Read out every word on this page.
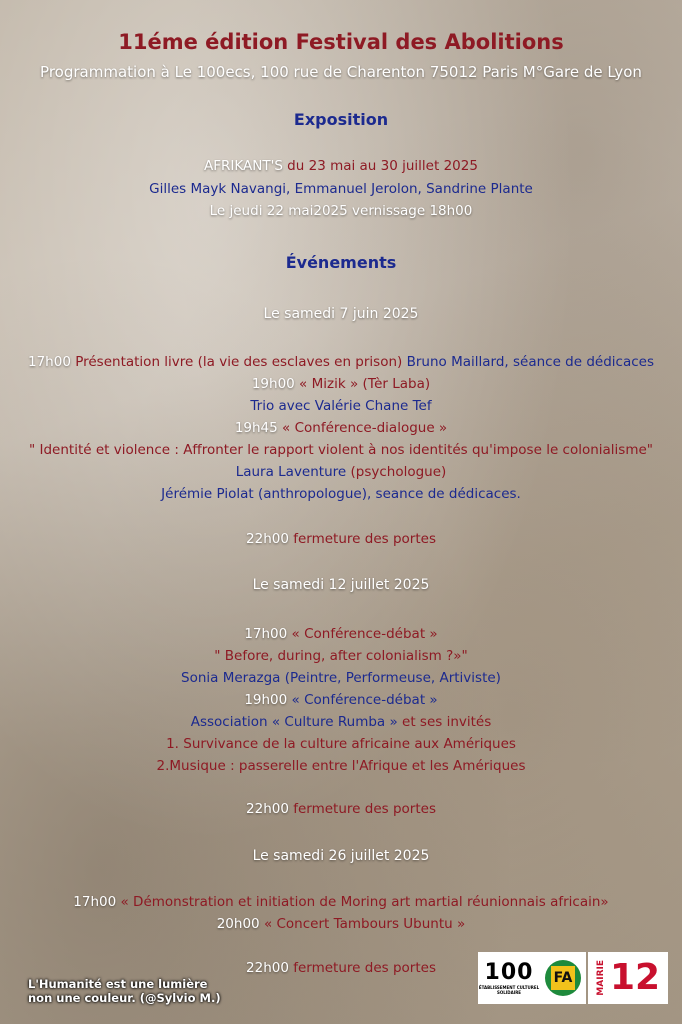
11éme édition Festival des Abolitions
Programmation à Le 100ecs, 100 rue de Charenton 75012 Paris M°Gare de Lyon
Exposition
AFRIKANT'S du 23 mai au 30 juillet 2025
Gilles Mayk Navangi, Emmanuel Jerolon, Sandrine Plante
Le jeudi 22 mai2025 vernissage 18h00
Événements
Le samedi 7 juin 2025
17h00 Présentation livre (la vie des esclaves en prison) Bruno Maillard, séance de dédicaces
19h00 « Mizik » (Tèr Laba)
Trio avec Valérie Chane Tef
19h45 « Conférence-dialogue »
" Identité et violence : Affronter le rapport violent à nos identités qu'impose le colonialisme"
Laura Laventure (psychologue)
Jérémie Piolat (anthropologue), seance de dédicaces.
22h00 fermeture des portes
Le samedi 12 juillet 2025
17h00 « Conférence-débat »
" Before, during, after colonialism ?»"
Sonia Merazga (Peintre, Performeuse, Artiviste)
19h00 « Conférence-débat »
Association « Culture Rumba » et ses invités
1. Survivance de la culture africaine aux Amériques
2.Musique : passerelle entre l'Afrique et les Amériques
22h00 fermeture des portes
Le samedi 26 juillet 2025
17h00 « Démonstration et initiation de Moring art martial réunionnais africain»
20h00 « Concert Tambours Ubuntu »
22h00 fermeture des portes
L'Humanité est une lumière
non une couleur. (@Sylvio M.)
100
ÉTABLISSEMENT CULTUREL SOLIDAIRE
FA	MAIRIE 12
